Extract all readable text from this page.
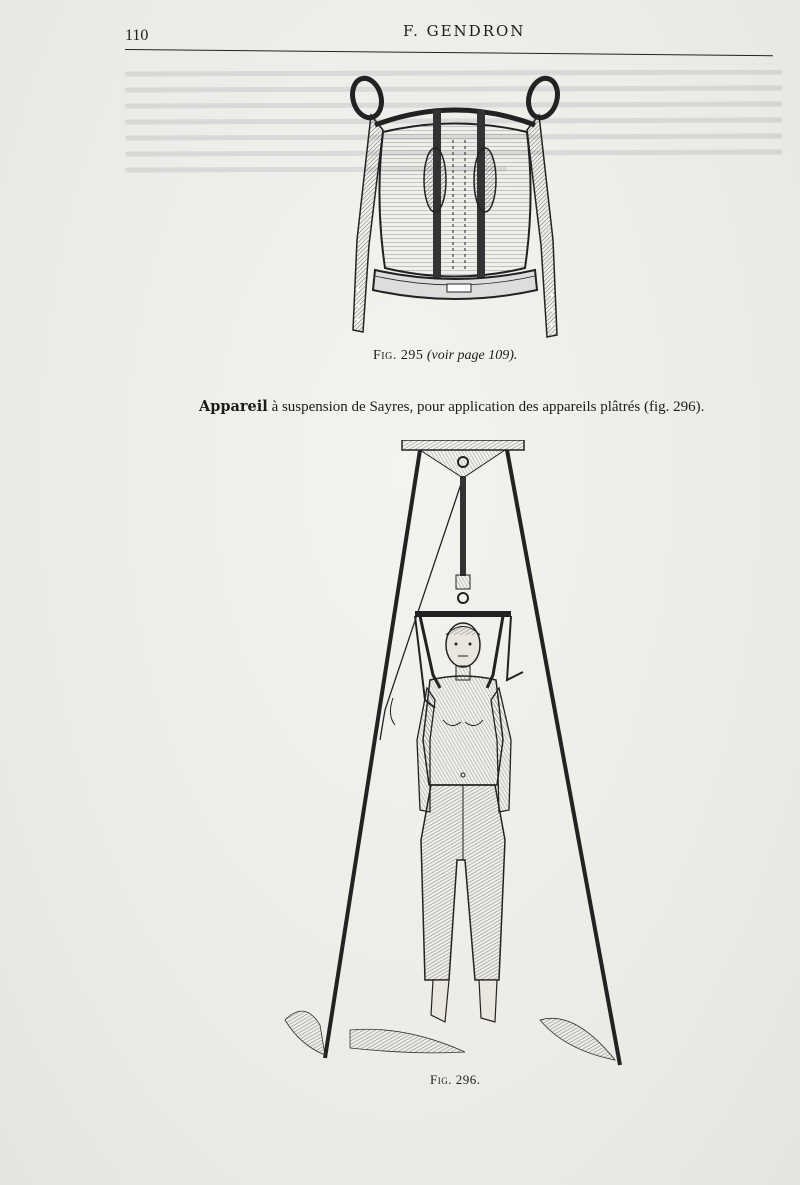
110	F. GENDRON
Fig. 295 (voir page 109).
Appareil à suspension de Sayres, pour application des appareils plâtrés (fig. 296).
Fig. 296.
